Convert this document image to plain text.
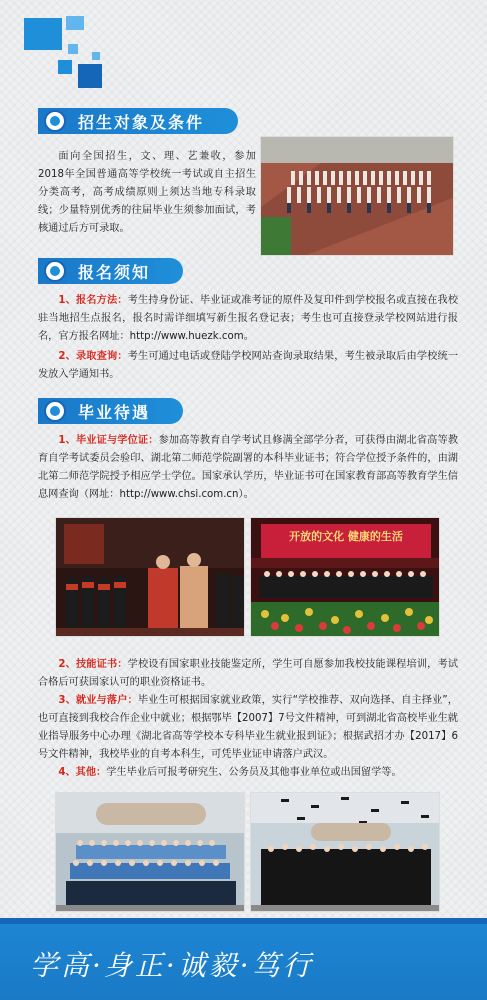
招生对象及条件
面向全国招生，文、理、艺兼收，参加2018年全国普通高等学校统一考试或自主招生分类高考，高考成绩原则上须达当地专科录取线；少量特别优秀的往届毕业生须参加面试，考核通过后方可录取。
报名须知
1、报名方法：考生持身份证、毕业证或准考证的原件及复印件到学校报名或直接在我校驻当地招生点报名，报名时需详细填写新生报名登记表；考生也可直接登录学校网站进行报名，官方报名网址：http://www.huezk.com。
2、录取查询：考生可通过电话或登陆学校网站查询录取结果，考生被录取后由学校统一发放入学通知书。
毕业待遇
1、毕业证与学位证：参加高等教育自学考试且修满全部学分者，可获得由湖北省高等教育自学考试委员会验印、湖北第二师范学院副署的本科毕业证书；符合学位授予条件的，由湖北第二师范学院授予相应学士学位。国家承认学历，毕业证书可在国家教育部高等教育学生信息网查询（网址：http://www.chsi.com.cn）。
开放的文化 健康的生活
2、技能证书：学校设有国家职业技能鉴定所，学生可自愿参加我校技能课程培训，考试合格后可获国家认可的职业资格证书。
3、就业与落户：毕业生可根据国家就业政策，实行“学校推荐、双向选择、自主择业”，也可直接到我校合作企业中就业；根据鄂毕【2007】7号文件精神，可到湖北省高校毕业生就业指导服务中心办理《湖北省高等学校本专科毕业生就业报到证》；根据武招才办【2017】6号文件精神，我校毕业的自考本科生，可凭毕业证申请落户武汉。
4、其他：学生毕业后可报考研究生、公务员及其他事业单位或出国留学等。
学高·身正·诚毅·笃行
